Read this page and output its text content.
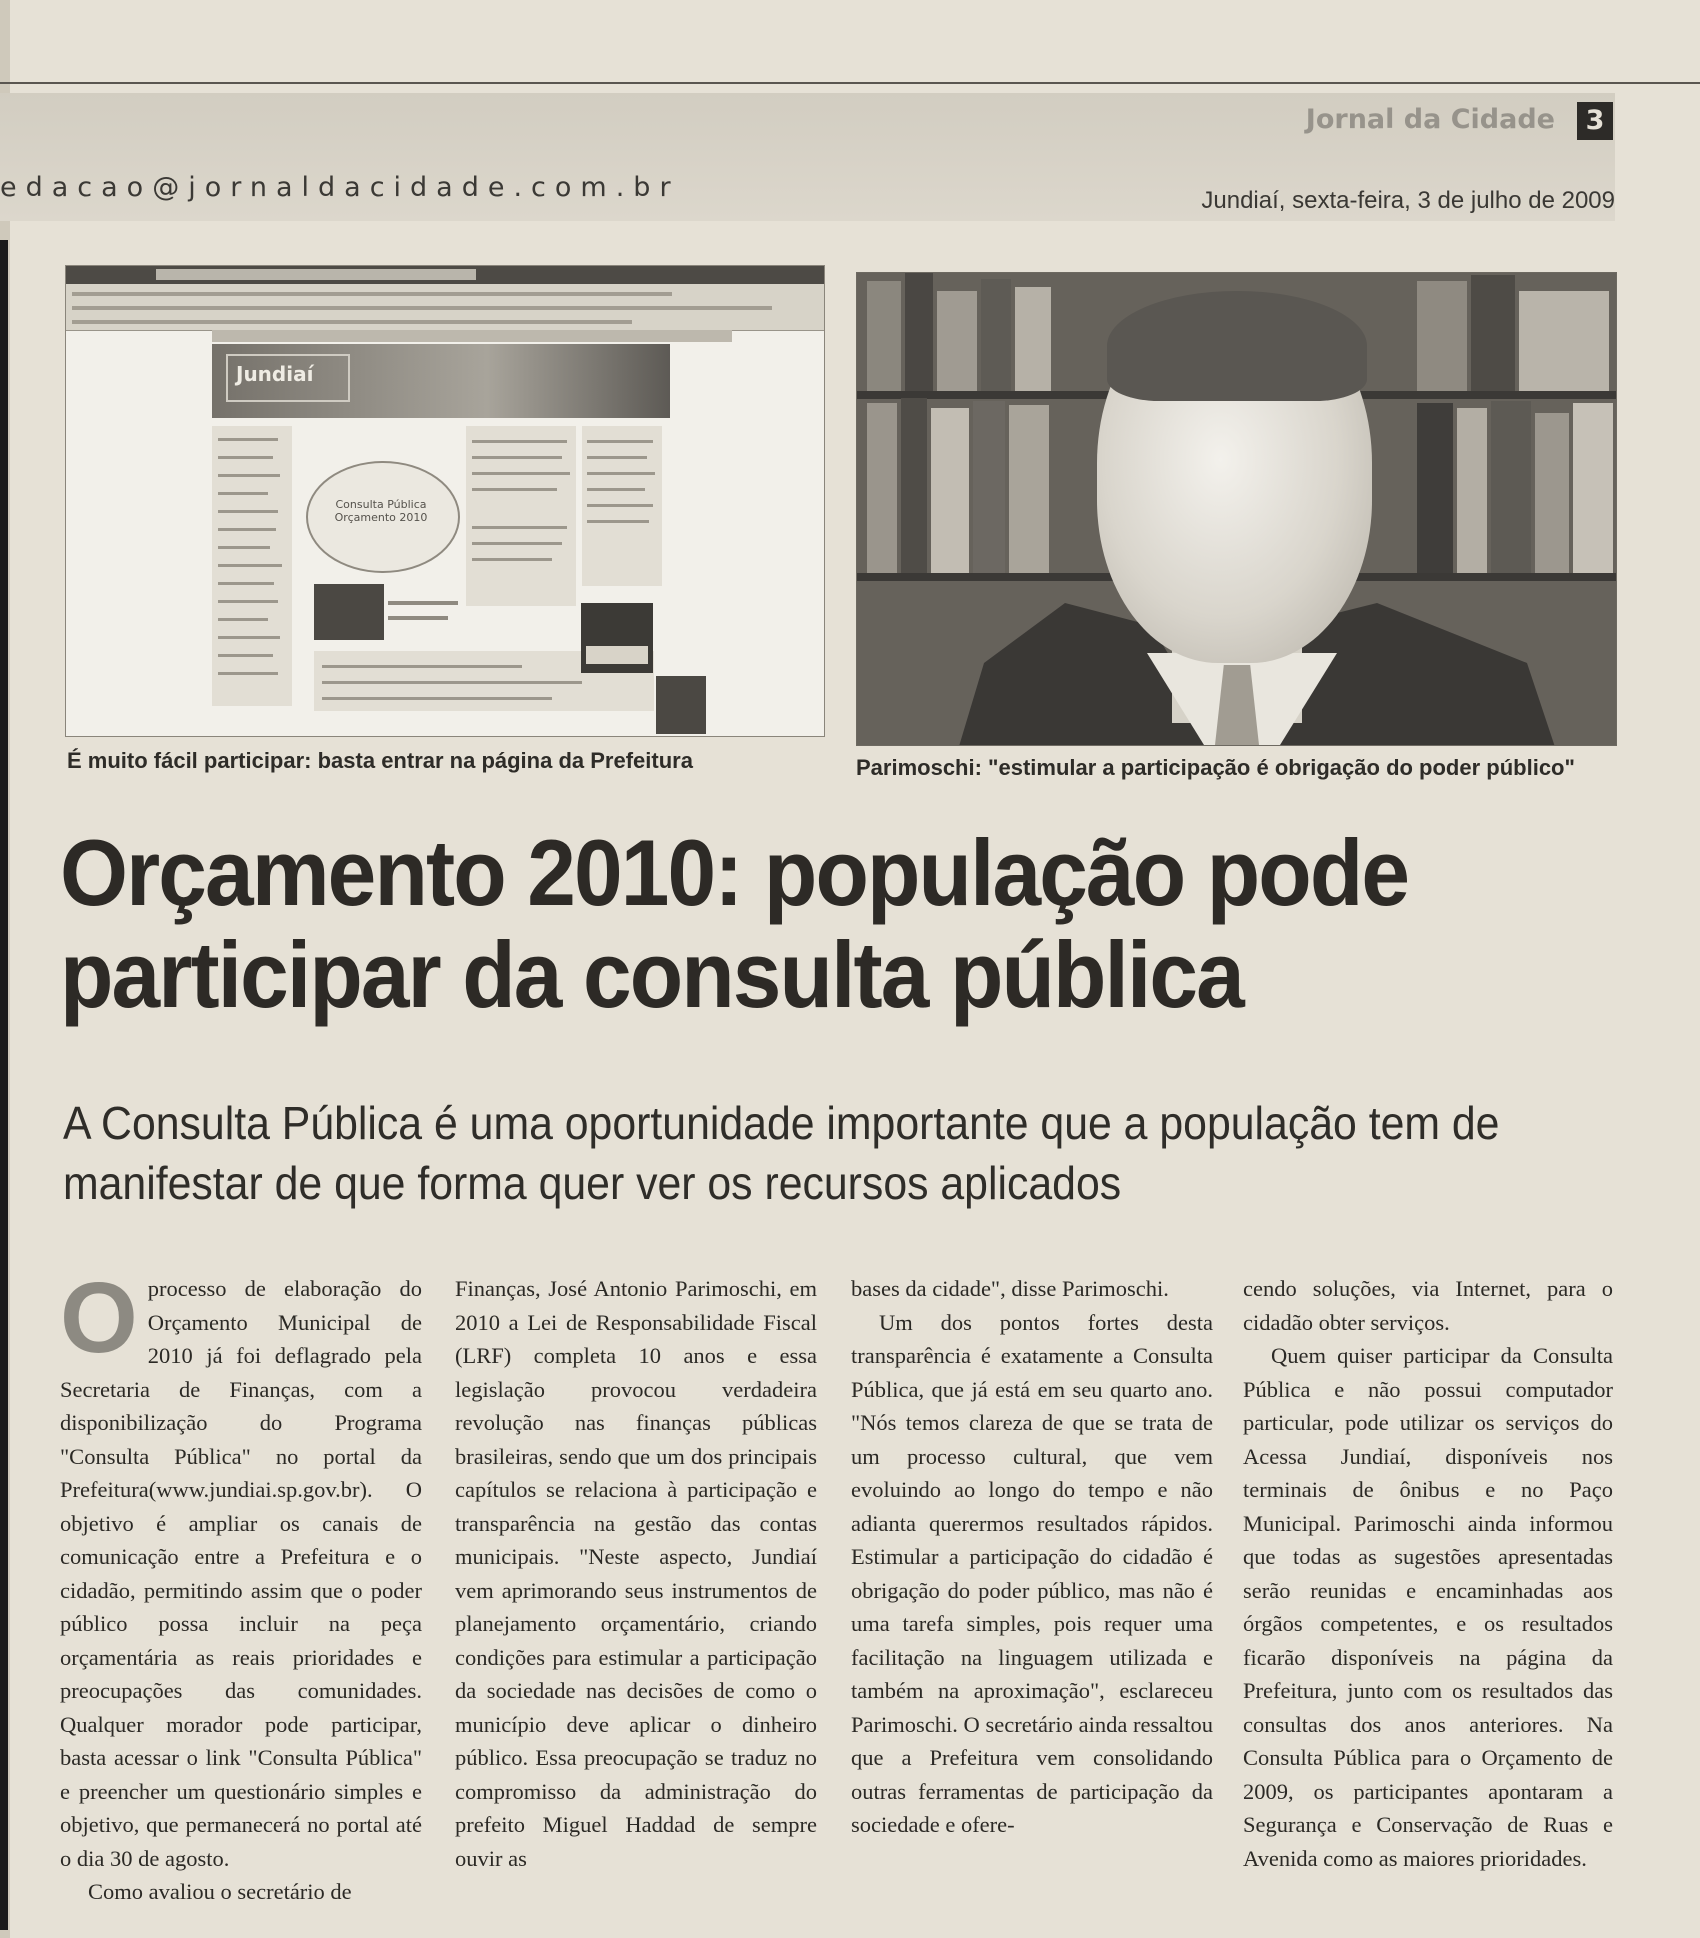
Jornal da Cidade	3
edacao@jornaldacidade.com.br	Jundiaí, sexta-feira, 3 de julho de 2009
Jundiaí
Consulta Pública Orçamento 2010
É muito fácil participar: basta entrar na página da Prefeitura	Parimoschi: "estimular a participação é obrigação do poder público"
Orçamento 2010: população pode participar da consulta pública
A Consulta Pública é uma oportunidade importante que a população tem de manifestar de que forma quer ver os recursos aplicados

Oprocesso de elaboração do Orçamento Municipal de 2010 já foi deflagrado pela Secretaria de Finanças, com a disponibilização do Programa "Consulta Pública" no portal da Prefeitura(www.jundiai.sp.gov.br). O objetivo é ampliar os canais de comunicação entre a Prefeitura e o cidadão, permitindo assim que o poder público possa incluir na peça orçamentária as reais prioridades e preocupações das comunidades. Qualquer morador pode participar, basta acessar o link "Consulta Pública" e preencher um questionário simples e objetivo, que permanecerá no portal até o dia 30 de agosto.

Como avaliou o secretário de

Finanças, José Antonio Parimoschi, em 2010 a Lei de Responsabilidade Fiscal (LRF) completa 10 anos e essa legislação provocou verdadeira revolução nas finanças públicas brasileiras, sendo que um dos principais capítulos se relaciona à participação e transparência na gestão das contas municipais. "Neste aspecto, Jundiaí vem aprimorando seus instrumentos de planejamento orçamentário, criando condições para estimular a participação da sociedade nas decisões de como o município deve aplicar o dinheiro público. Essa preocupação se traduz no compromisso da administração do prefeito Miguel Haddad de sempre ouvir as

bases da cidade", disse Parimoschi.

Um dos pontos fortes desta transparência é exatamente a Consulta Pública, que já está em seu quarto ano. "Nós temos clareza de que se trata de um processo cultural, que vem evoluindo ao longo do tempo e não adianta querermos resultados rápidos. Estimular a participação do cidadão é obrigação do poder público, mas não é uma tarefa simples, pois requer uma facilitação na linguagem utilizada e também na aproximação", esclareceu Parimoschi. O secretário ainda ressaltou que a Prefeitura vem consolidando outras ferramentas de participação da sociedade e ofere-

cendo soluções, via Internet, para o cidadão obter serviços.

Quem quiser participar da Consulta Pública e não possui computador particular, pode utilizar os serviços do Acessa Jundiaí, disponíveis nos terminais de ônibus e no Paço Municipal. Parimoschi ainda informou que todas as sugestões apresentadas serão reunidas e encaminhadas aos órgãos competentes, e os resultados ficarão disponíveis na página da Prefeitura, junto com os resultados das consultas dos anos anteriores. Na Consulta Pública para o Orçamento de 2009, os participantes apontaram a Segurança e Conservação de Ruas e Avenida como as maiores prioridades.
